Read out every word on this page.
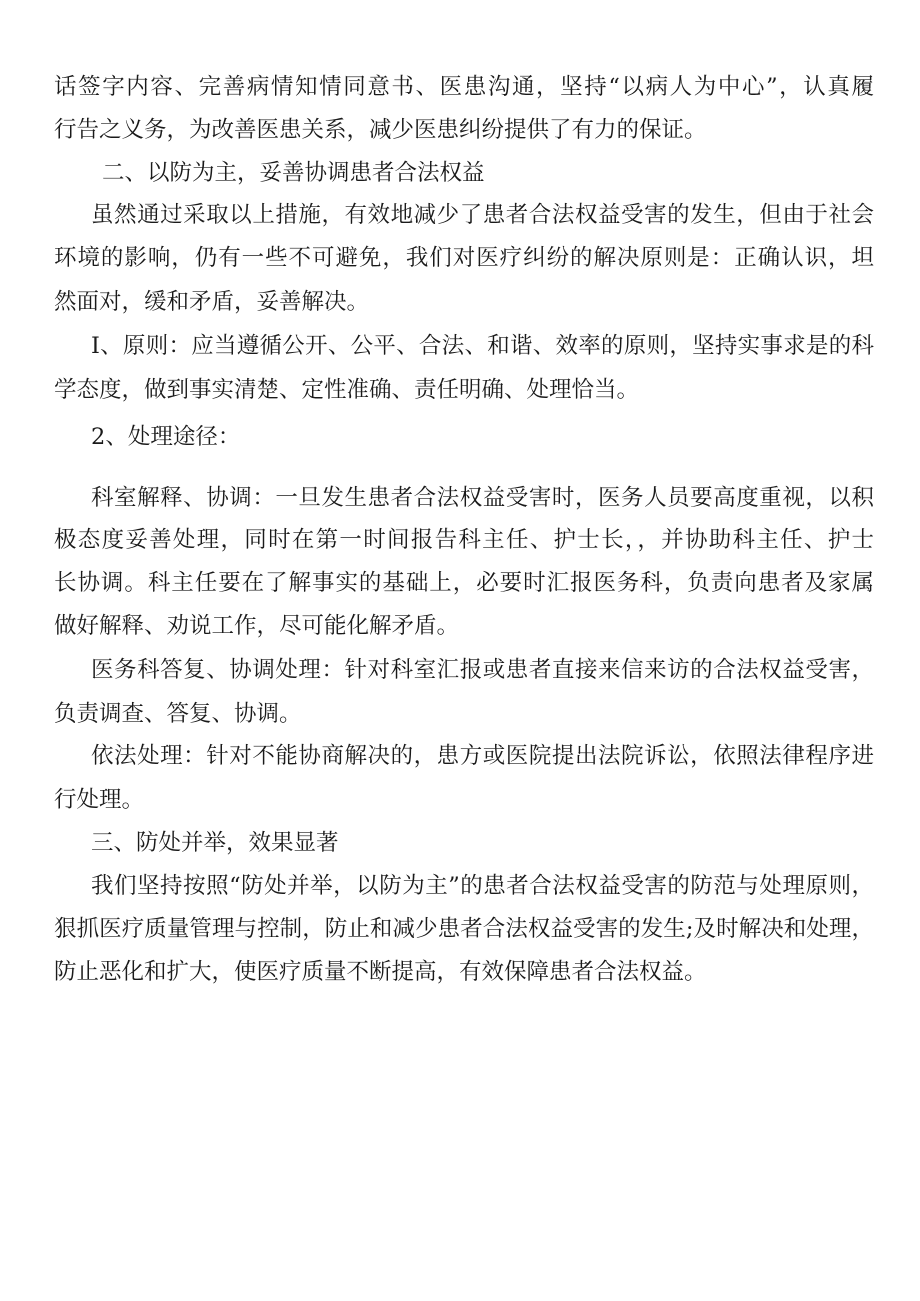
话签字内容、完善病情知情同意书、医患沟通，坚持“以病人为中心”，认真履

行告之义务，为改善医患关系，减少医患纠纷提供了有力的保证。

二、以防为主，妥善协调患者合法权益

虽然通过采取以上措施，有效地减少了患者合法权益受害的发生，但由于社会

环境的影响，仍有一些不可避免，我们对医疗纠纷的解决原则是：正确认识，坦

然面对，缓和矛盾，妥善解决。

I、原则：应当遵循公开、公平、合法、和谐、效率的原则，坚持实事求是的科

学态度，做到事实清楚、定性准确、责任明确、处理恰当。

2、处理途径：

科室解释、协调：一旦发生患者合法权益受害时，医务人员要高度重视，以积

极态度妥善处理，同时在第一时间报告科主任、护士长，，并协助科主任、护士

长协调。科主任要在了解事实的基础上，必要时汇报医务科，负责向患者及家属

做好解释、劝说工作，尽可能化解矛盾。

医务科答复、协调处理：针对科室汇报或患者直接来信来访的合法权益受害，

负责调查、答复、协调。

依法处理：针对不能协商解决的，患方或医院提出法院诉讼，依照法律程序进

行处理。

三、防处并举，效果显著

我们坚持按照“防处并举，以防为主”的患者合法权益受害的防范与处理原则，

狠抓医疗质量管理与控制，防止和减少患者合法权益受害的发生;及时解决和处理，

防止恶化和扩大，使医疗质量不断提高，有效保障患者合法权益。
